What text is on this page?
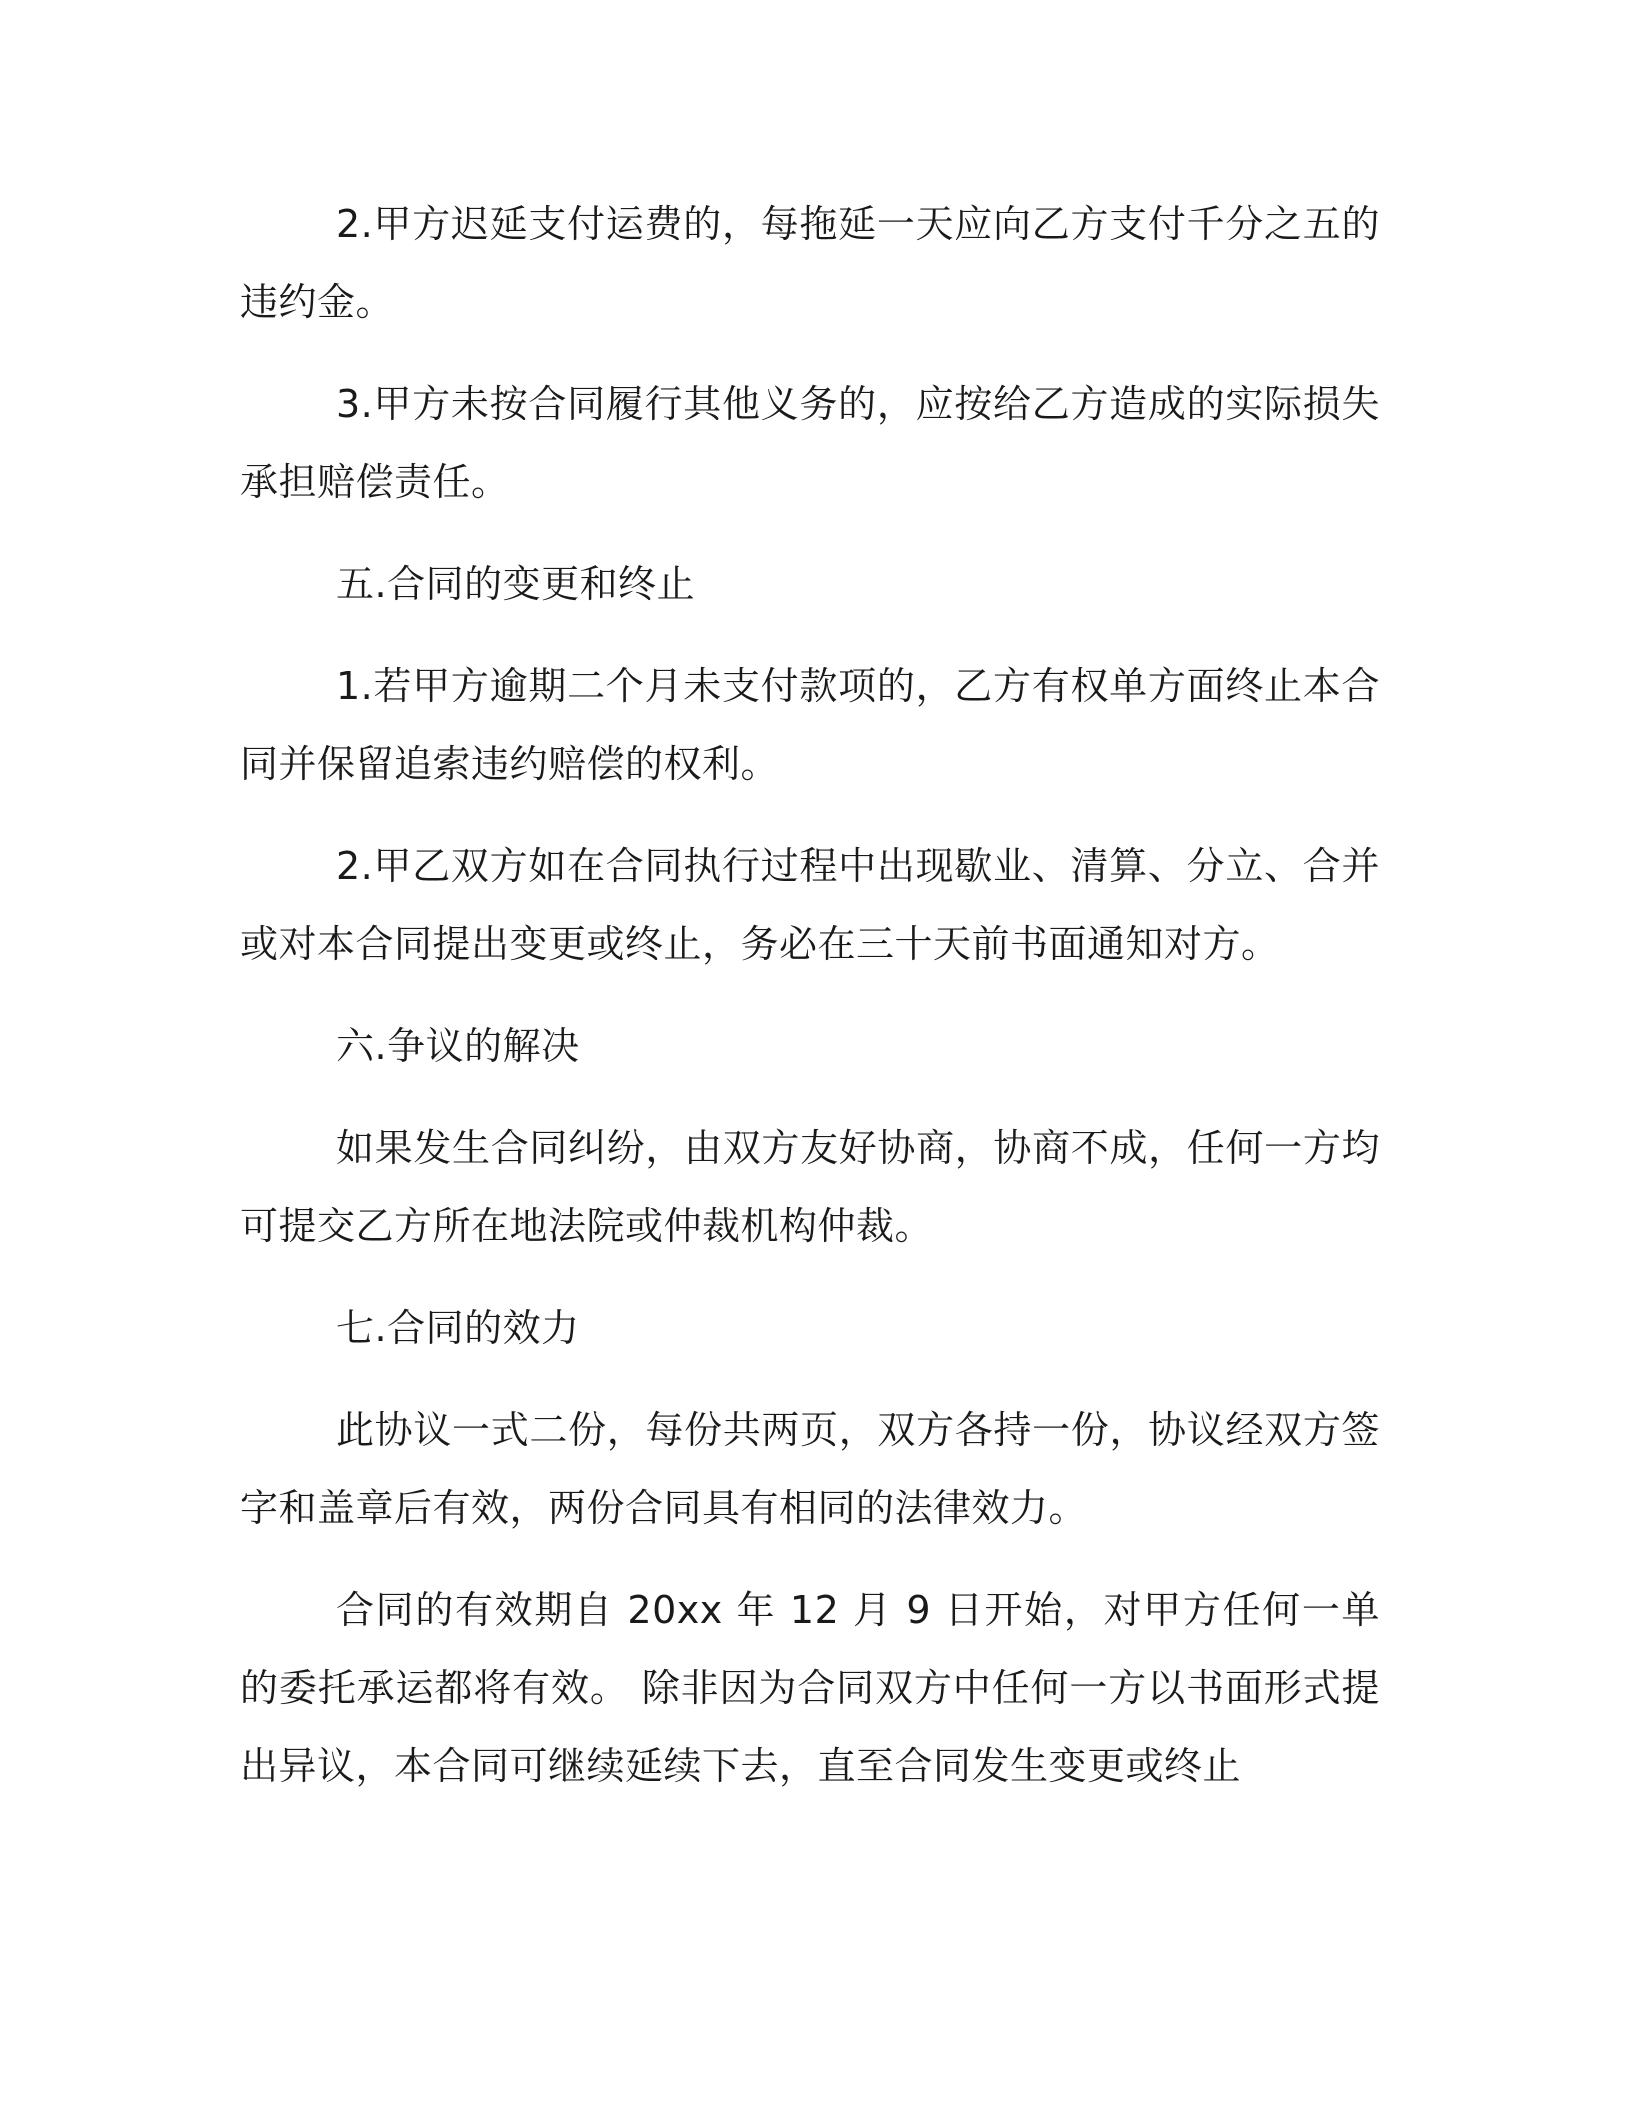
2.甲方迟延支付运费的，每拖延一天应向乙方支付千分之五的违约金。

3.甲方未按合同履行其他义务的，应按给乙方造成的实际损失承担赔偿责任。

五.合同的变更和终止

1.若甲方逾期二个月未支付款项的，乙方有权单方面终止本合同并保留追索违约赔偿的权利。

2.甲乙双方如在合同执行过程中出现歇业、清算、分立、合并或对本合同提出变更或终止，务必在三十天前书面通知对方。

六.争议的解决

如果发生合同纠纷，由双方友好协商，协商不成，任何一方均可提交乙方所在地法院或仲裁机构仲裁。

七.合同的效力

此协议一式二份，每份共两页，双方各持一份，协议经双方签字和盖章后有效，两份合同具有相同的法律效力。

合同的有效期自 20xx 年 12 月 9 日开始，对甲方任何一单的委托承运都将有效。 除非因为合同双方中任何一方以书面形式提出异议，本合同可继续延续下去，直至合同发生变更或终止
